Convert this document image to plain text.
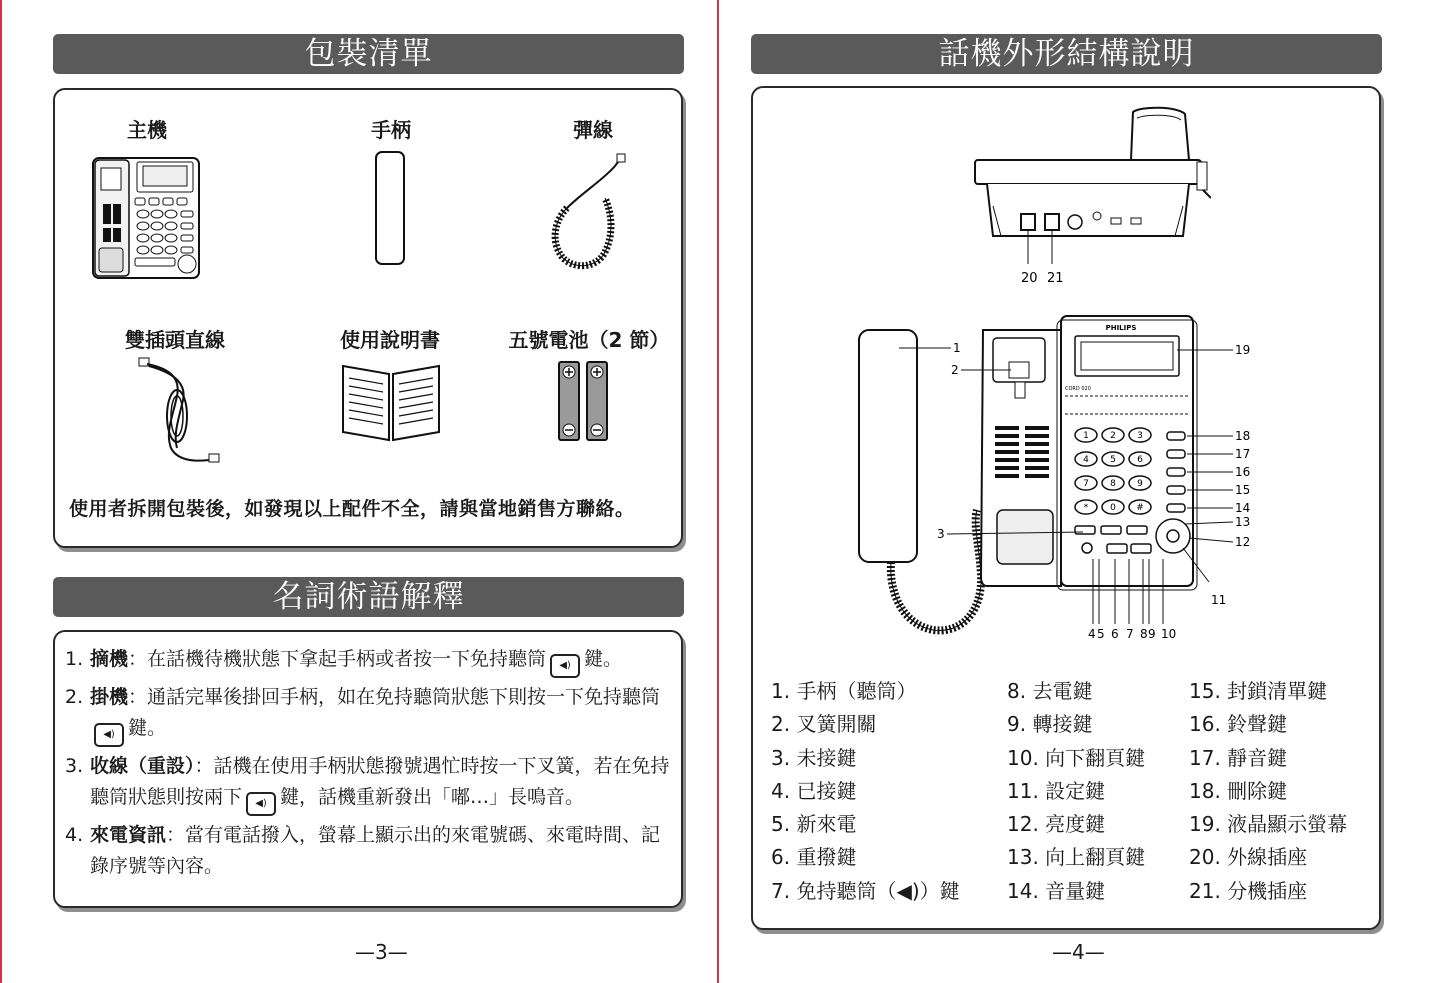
包裝清單
主機	手柄	彈線
雙插頭直線	使用說明書	五號電池（2 節）
使用者拆開包裝後，如發現以上配件不全，請與當地銷售方聯絡。
名詞術語解釋
1. 摘機：在話機待機狀態下拿起手柄或者按一下免持聽筒 ◀) 鍵。
2. 掛機：通話完畢後掛回手柄，如在免持聽筒狀態下則按一下免持聽筒◀) 鍵。
3. 收線（重設）：話機在使用手柄狀態撥號遇忙時按一下叉簧，若在免持聽筒狀態則按兩下 ◀) 鍵，話機重新發出「嘟…」長鳴音。
4. 來電資訊：當有電話撥入，螢幕上顯示出的來電號碼、來電時間、記錄序號等內容。
—3—
話機外形結構說明
20 21
PHILIPS
CORD 020
1 2 3
4 5 6
7 8 9
* 0 #
1
2
3
4 5 6 7 8 9 10
11
12
13
14
15
16
17
18
19
1. 手柄（聽筒）
2. 叉簧開關
3. 未接鍵
4. 已接鍵
5. 新來電
6. 重撥鍵
7. 免持聽筒（◀)）鍵
8. 去電鍵
9. 轉接鍵
10. 向下翻頁鍵
11. 設定鍵
12. 亮度鍵
13. 向上翻頁鍵
14. 音量鍵
15. 封鎖清單鍵
16. 鈴聲鍵
17. 靜音鍵
18. 刪除鍵
19. 液晶顯示螢幕
20. 外線插座
21. 分機插座
—4—
